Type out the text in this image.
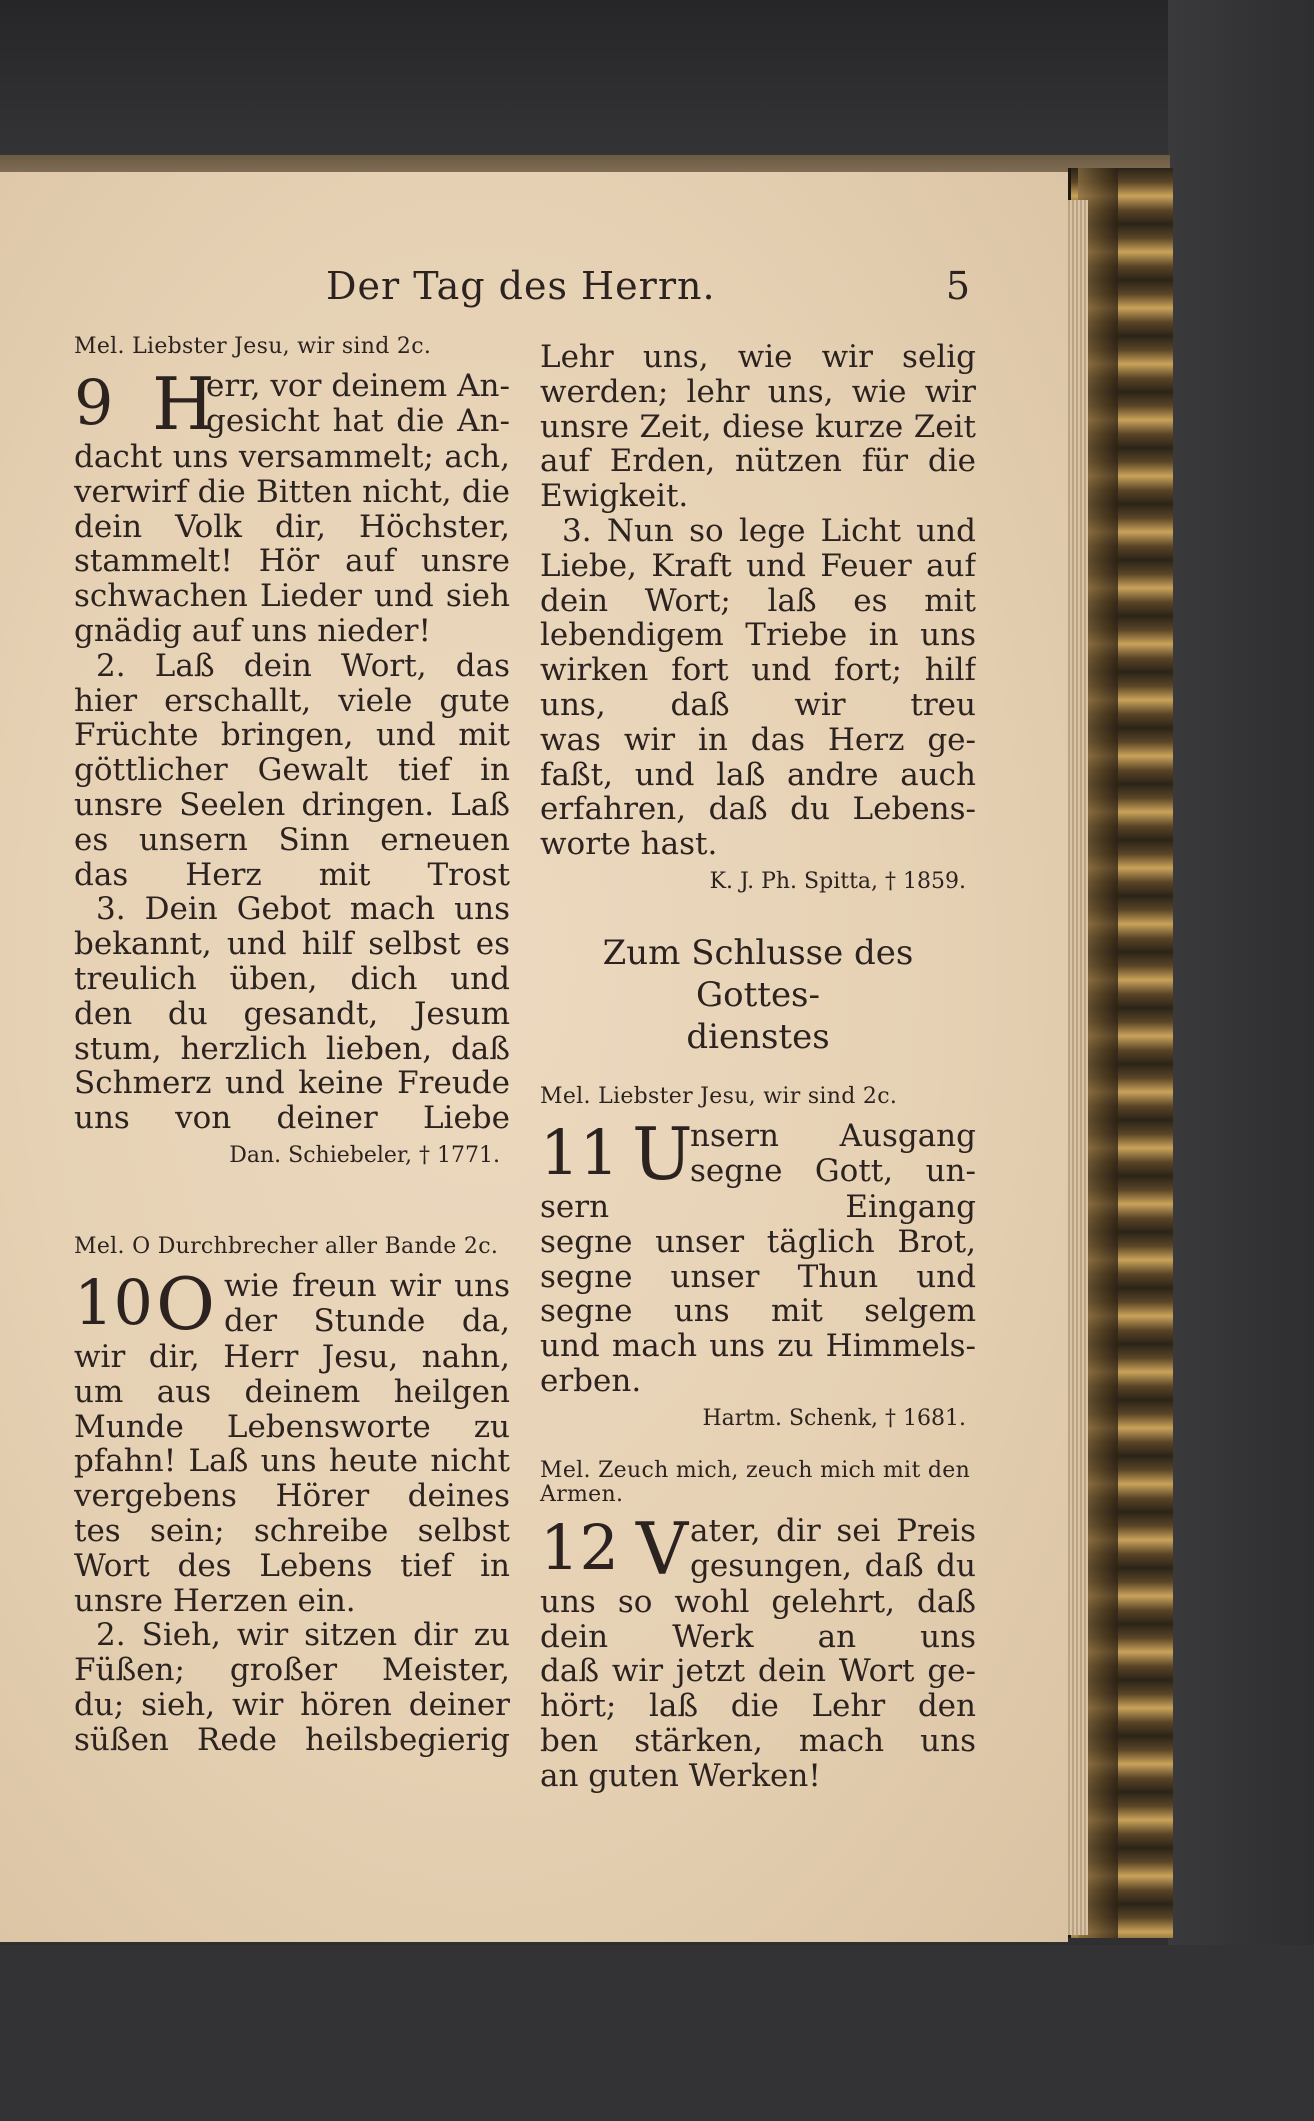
Der Tag des Herrn.	5
Mel. Liebster Jesu, wir sind 2c.
9 H
err, vor deinem An-
gesicht hat die An-
dacht uns versammelt; ach,
verwirf die Bitten nicht, die
dein Volk dir, Höchster,
stammelt! Hör auf unsre
schwachen Lieder und sieh
gnädig auf uns nieder!
2. Laß dein Wort, das
hier erschallt, viele gute
Früchte bringen, und mit
göttlicher Gewalt tief in
unsre Seelen dringen. Laß
es unsern Sinn erneuen
das Herz mit Trost
3. Dein Gebot mach uns
bekannt, und hilf selbst es
treulich üben, dich und
den du gesandt, Jesum
stum, herzlich lieben, daß
Schmerz und keine Freude
uns von deiner Liebe
Dan. Schiebeler, † 1771.
Mel. O Durchbrecher aller Bande 2c.
10 O wie freun wir uns
der Stunde da,
wir dir, Herr Jesu, nahn,
um aus deinem heilgen
Munde Lebensworte zu
pfahn! Laß uns heute nicht
vergebens Hörer deines
tes sein; schreibe selbst
Wort des Lebens tief in
unsre Herzen ein.
2. Sieh, wir sitzen dir zu
Füßen; großer Meister,
du; sieh, wir hören deiner
süßen Rede heilsbegierig
Lehr uns, wie wir selig
werden; lehr uns, wie wir
unsre Zeit, diese kurze Zeit
auf Erden, nützen für die
Ewigkeit.
3. Nun so lege Licht und
Liebe, Kraft und Feuer auf
dein Wort; laß es mit
lebendigem Triebe in uns
wirken fort und fort; hilf
uns, daß wir treu
was wir in das Herz ge-
faßt, und laß andre auch
erfahren, daß du Lebens-
worte hast.
K. J. Ph. Spitta, † 1859.
Zum Schlusse des Gottes-
dienstes
Mel. Liebster Jesu, wir sind 2c.
11 U
nsern Ausgang
segne Gott, un-
sern Eingang
segne unser täglich Brot,
segne unser Thun und
segne uns mit selgem
und mach uns zu Himmels-
erben.
Hartm. Schenk, † 1681.
Mel. Zeuch mich, zeuch mich mit den Armen.
12 V ater, dir sei Preis
gesungen, daß du
uns so wohl gelehrt, daß
dein Werk an uns
daß wir jetzt dein Wort ge-
hört; laß die Lehr den
ben stärken, mach uns
an guten Werken!
